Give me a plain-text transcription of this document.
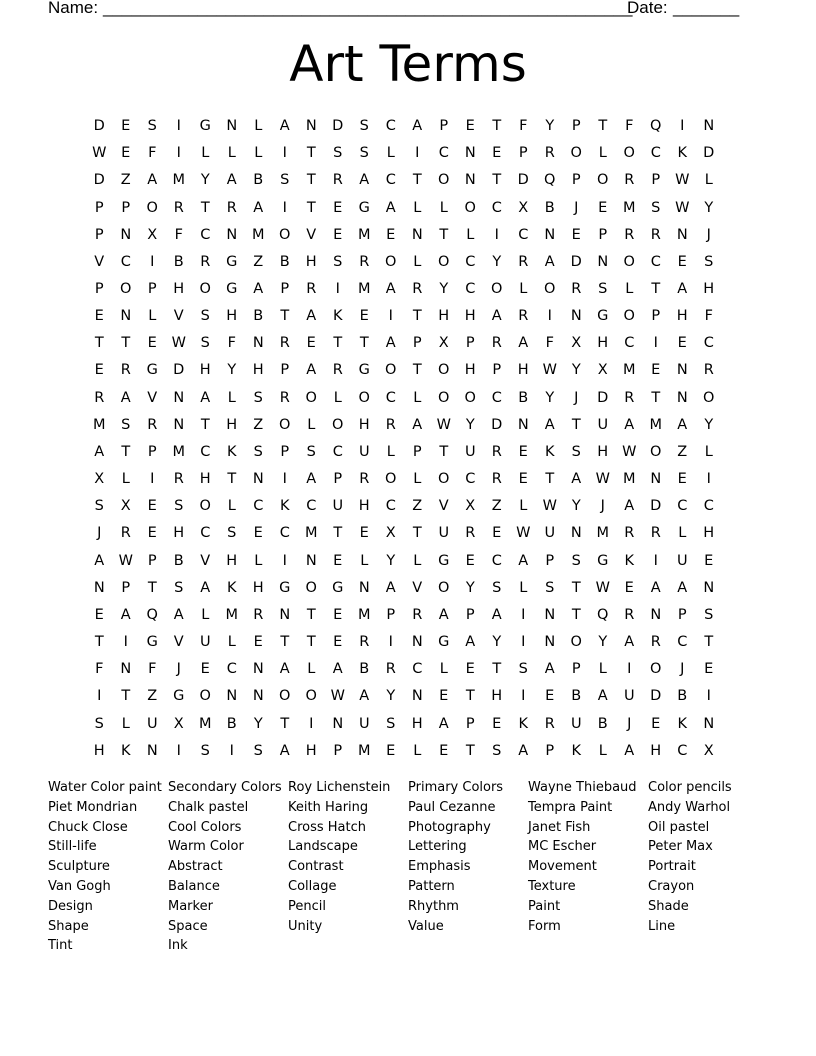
Name: ________________________________________________________
Date: _______
Art Terms
D	E	S	I	G	N	L	A	N	D	S	C	A	P	E	T	F	Y	P	T	F	Q	I	N
W	E	F	I	L	L	L	I	T	S	S	L	I	C	N	E	P	R	O	L	O	C	K	D
D	Z	A	M	Y	A	B	S	T	R	A	C	T	O	N	T	D	Q	P	O	R	P	W	L
P	P	O	R	T	R	A	I	T	E	G	A	L	L	O	C	X	B	J	E	M	S	W	Y
P	N	X	F	C	N	M	O	V	E	M	E	N	T	L	I	C	N	E	P	R	R	N	J
V	C	I	B	R	G	Z	B	H	S	R	O	L	O	C	Y	R	A	D	N	O	C	E	S
P	O	P	H	O	G	A	P	R	I	M	A	R	Y	C	O	L	O	R	S	L	T	A	H
E	N	L	V	S	H	B	T	A	K	E	I	T	H	H	A	R	I	N	G	O	P	H	F
T	T	E	W	S	F	N	R	E	T	T	A	P	X	P	R	A	F	X	H	C	I	E	C
E	R	G	D	H	Y	H	P	A	R	G	O	T	O	H	P	H W	Y	X	M	E	N	R
R	A	V	N	A	L	S	R	O	L	O	C	L	O	O	C	B	Y	J	D	R	T	N	O
M	S	R	N	T	H	Z	O	L	O	H	R	A W	Y	D	N	A	T	U	A	M	A	Y
A	T	P	M	C	K	S	P	S	C	U	L	P	T	U	R	E	K	S	H W O	Z	L
X	L	I	R	H	T	N	I	A	P	R	O	L	O	C	R	E	T	A W M	N	E	I
S	X	E	S	O	L	C	K	C	U	H	C	Z	V	X	Z	L	W	Y	J	A	D	C	C
J	R	E	H	C	S	E	C	M	T	E	X	T	U	R	E	W U	N	M	R	R	L	H
A W	P	B	V	H	L	I	N	E	L	Y	L	G	E	C	A	P	S	G	K	I	U	E
N	P	T	S	A	K	H	G	O	G	N	A	V	O	Y	S	L	S	T	W	E	A	A	N
E	A	Q	A	L	M	R	N	T	E	M	P	R	A	P	A	I	N	T	Q	R	N	P	S
T	I	G	V	U	L	E	T	T	E	R	I	N	G	A	Y	I	N	O	Y	A	R	C	T
F	N	F	J	E	C	N	A	L	A	B	R	C	L	E	T	S	A	P	L	I	O	J	E
I	T	Z	G	O	N	N	O	O W A	Y	N	E	T	H	I	E	B	A	U	D	B	I
S	L	U	X	M	B	Y	T	I	N	U	S	H	A	P	E	K	R	U	B	J	E	K	N
H	K	N	I	S	I	S	A	H	P	M	E	L	E	T	S	A	P	K	L	A	H	C	X
Water Color paint
Piet Mondrian
Chuck Close
Still-life
Sculpture
Van Gogh
Design
Shape
Tint
Secondary Colors
Chalk pastel
Cool Colors
Warm Color
Abstract
Balance
Marker
Space
Ink
Roy Lichenstein
Keith Haring
Cross Hatch
Landscape
Contrast
Collage
Pencil
Unity
Primary Colors
Paul Cezanne
Photography
Lettering
Emphasis
Pattern
Rhythm
Value
Wayne Thiebaud
Tempra Paint
Janet Fish
MC Escher
Movement
Texture
Paint
Form
Color pencils
Andy Warhol
Oil pastel
Peter Max
Portrait
Crayon
Shade
Line
